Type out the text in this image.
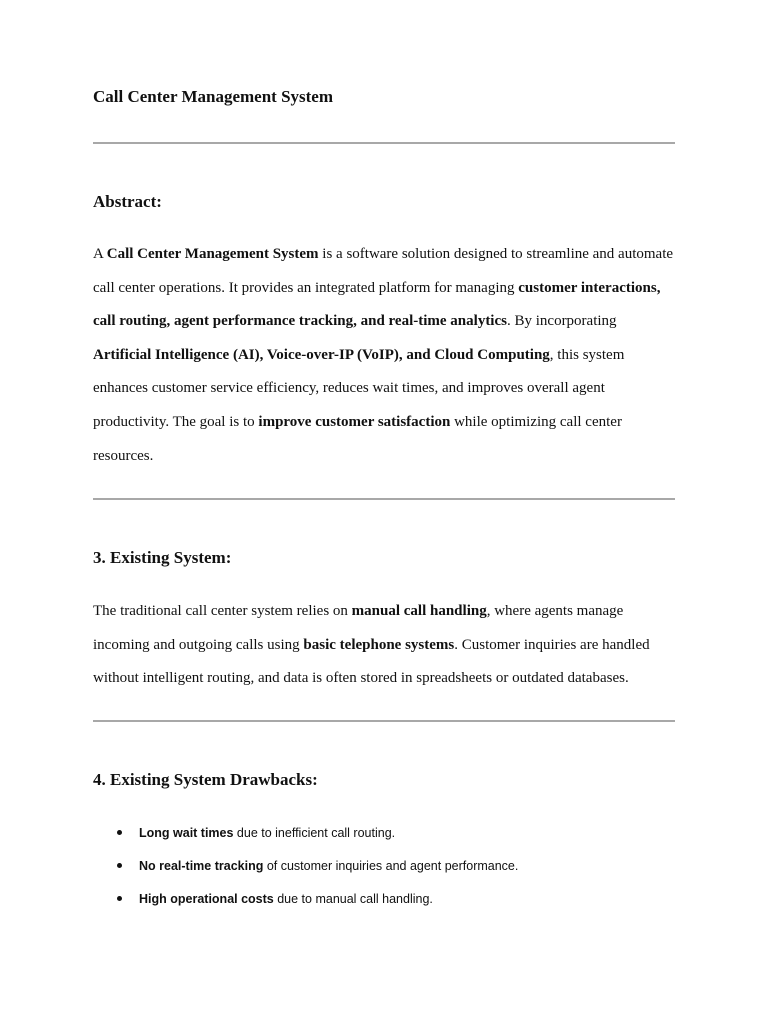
Call Center Management System
Abstract:

A Call Center Management System is a software solution designed to streamline and automate call center operations. It provides an integrated platform for managing customer interactions, call routing, agent performance tracking, and real-time analytics. By incorporating Artificial Intelligence (AI), Voice-over-IP (VoIP), and Cloud Computing, this system enhances customer service efficiency, reduces wait times, and improves overall agent productivity. The goal is to improve customer satisfaction while optimizing call center resources.

3. Existing System:

The traditional call center system relies on manual call handling, where agents manage incoming and outgoing calls using basic telephone systems. Customer inquiries are handled without intelligent routing, and data is often stored in spreadsheets or outdated databases.

4. Existing System Drawbacks:
Long wait times due to inefficient call routing.
No real-time tracking of customer inquiries and agent performance.
High operational costs due to manual call handling.
